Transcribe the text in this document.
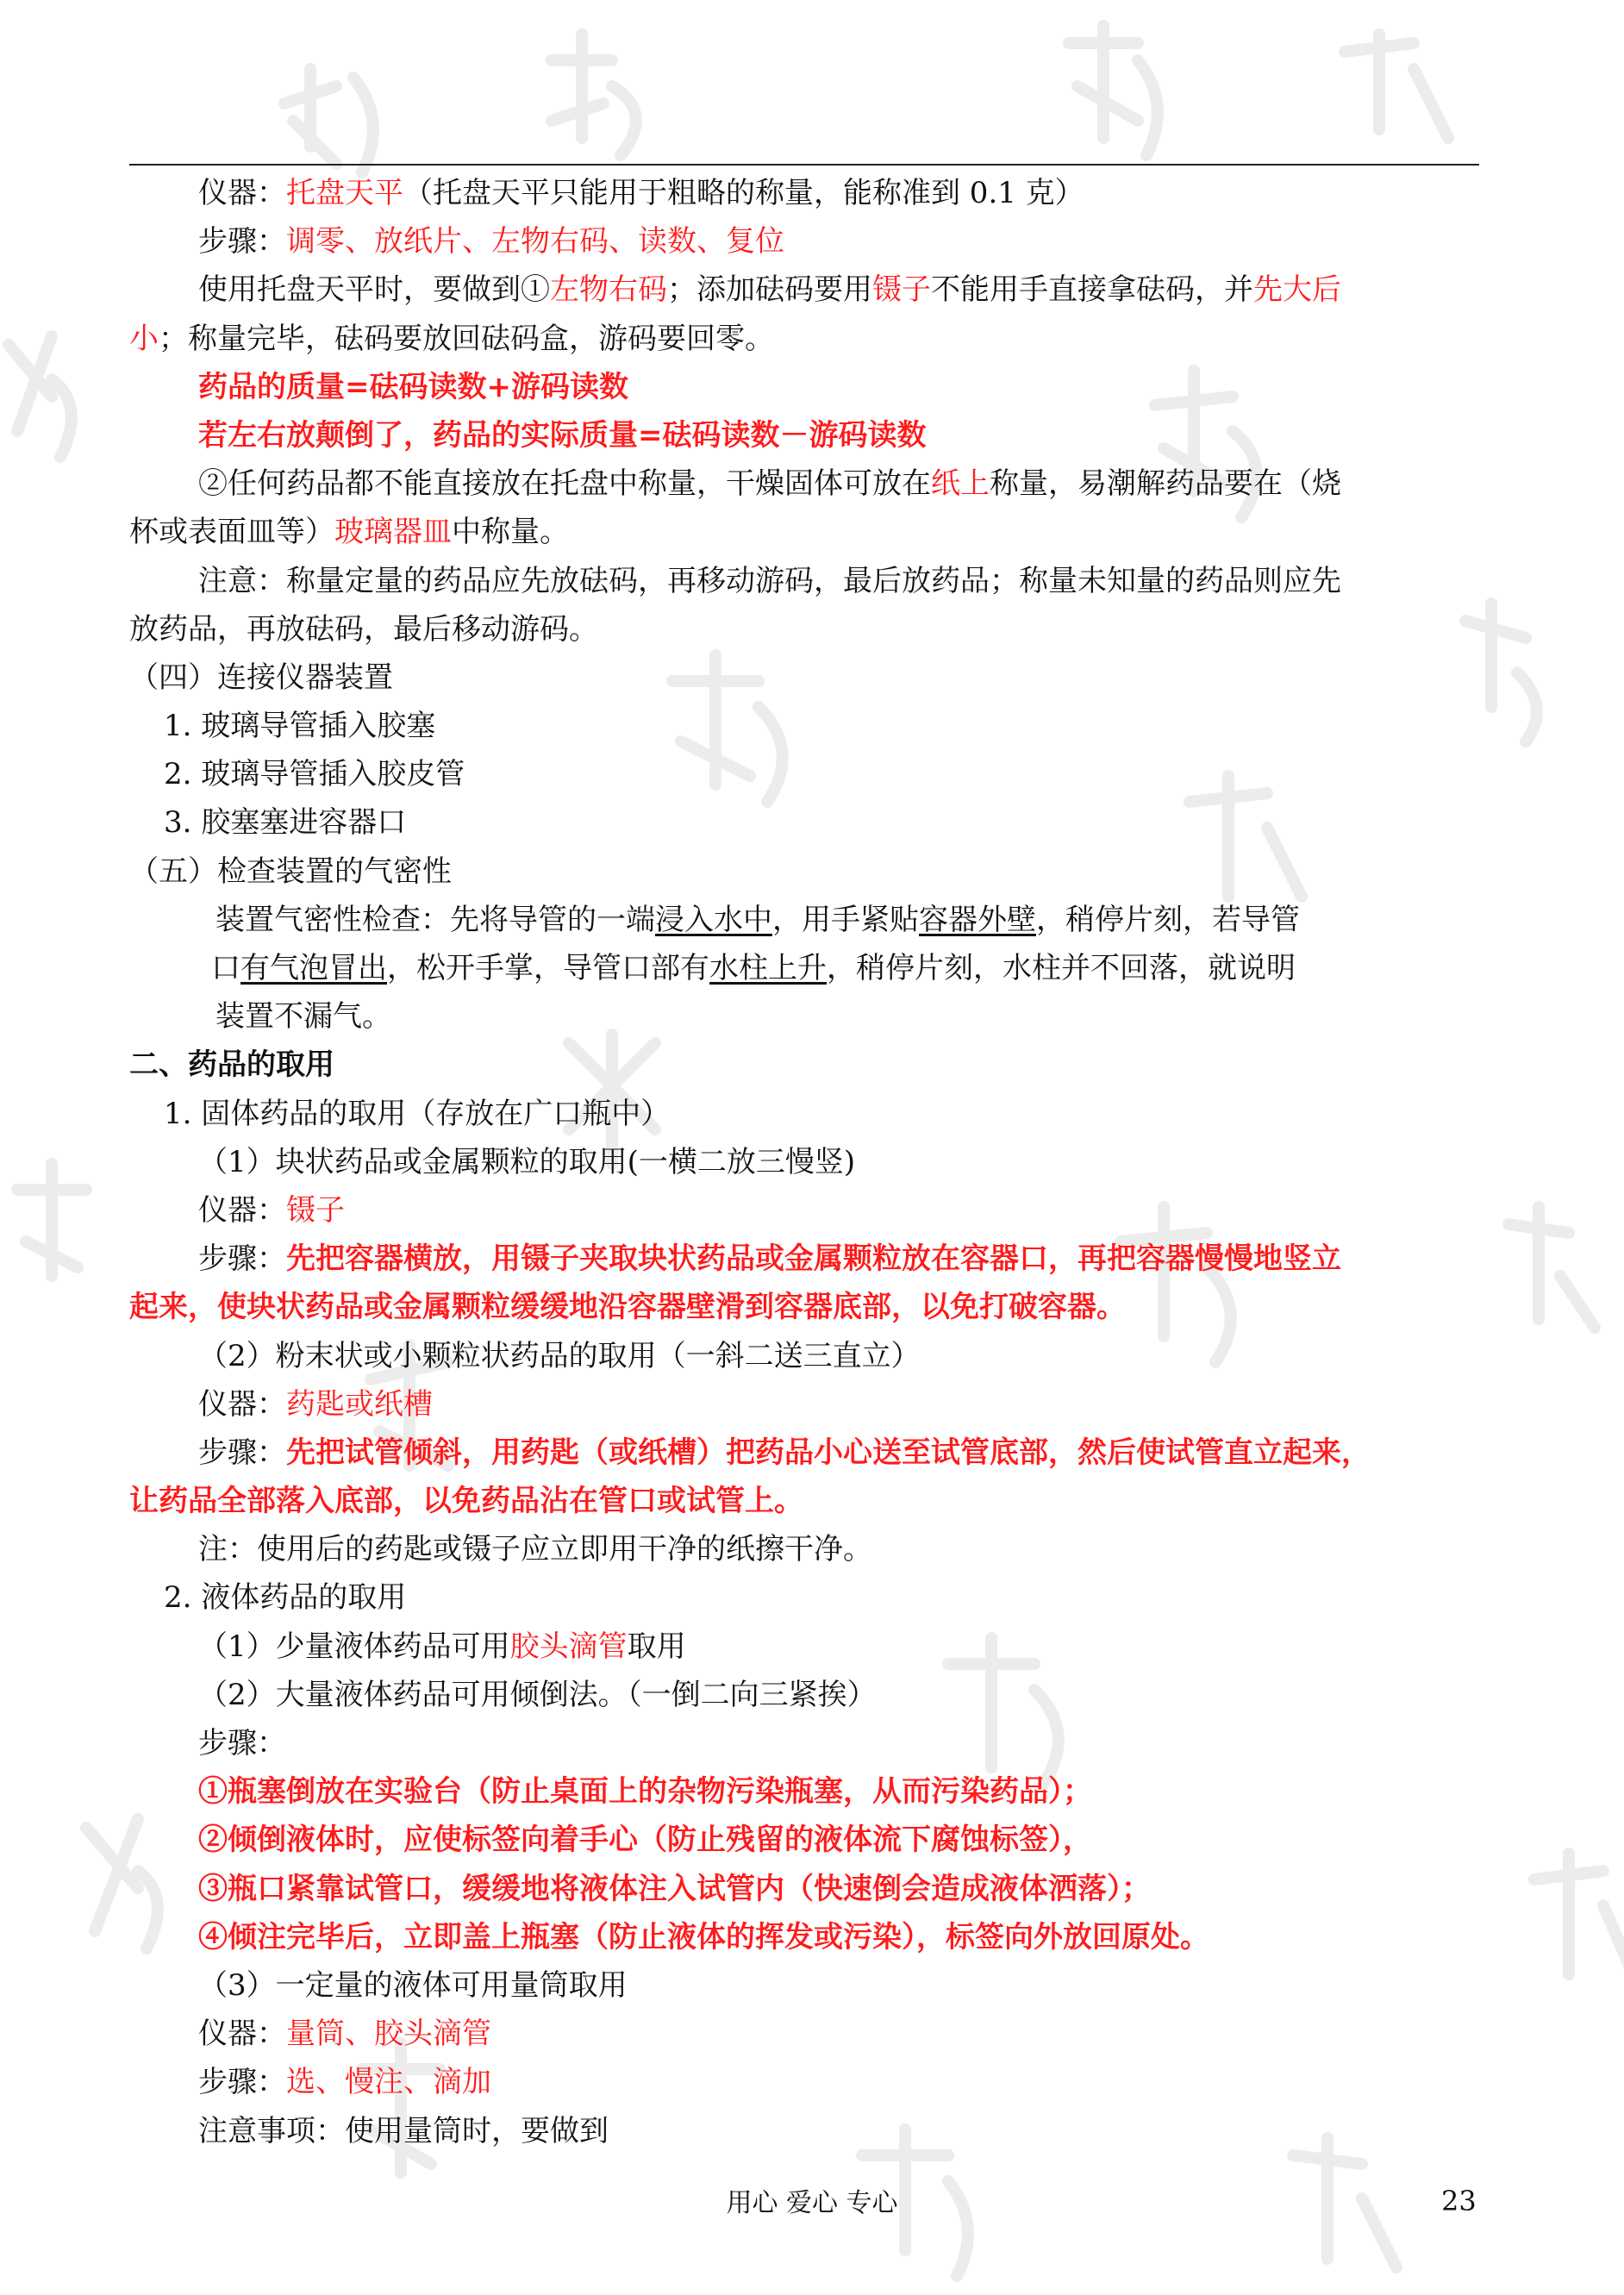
仪器：托盘天平（托盘天平只能用于粗略的称量，能称准到 0.1 克）
步骤：调零、放纸片、左物右码、读数、复位
使用托盘天平时，要做到①左物右码；添加砝码要用镊子不能用手直接拿砝码，并先大后
小；称量完毕，砝码要放回砝码盒，游码要回零。
药品的质量=砝码读数+游码读数
若左右放颠倒了，药品的实际质量=砝码读数－游码读数
②任何药品都不能直接放在托盘中称量，干燥固体可放在纸上称量，易潮解药品要在（烧
杯或表面皿等）玻璃器皿中称量。
注意：称量定量的药品应先放砝码，再移动游码，最后放药品；称量未知量的药品则应先
放药品，再放砝码，最后移动游码。
（四）连接仪器装置
1. 玻璃导管插入胶塞
2. 玻璃导管插入胶皮管
3. 胶塞塞进容器口
（五）检查装置的气密性
装置气密性检查：先将导管的一端浸入水中，用手紧贴容器外壁，稍停片刻，若导管
口有气泡冒出，松开手掌，导管口部有水柱上升，稍停片刻，水柱并不回落，就说明
装置不漏气。
二、药品的取用
1. 固体药品的取用（存放在广口瓶中）
（1）块状药品或金属颗粒的取用(一横二放三慢竖)
仪器：镊子
步骤：先把容器横放，用镊子夹取块状药品或金属颗粒放在容器口，再把容器慢慢地竖立
起来，使块状药品或金属颗粒缓缓地沿容器壁滑到容器底部，以免打破容器。
（2）粉末状或小颗粒状药品的取用（一斜二送三直立）
仪器：药匙或纸槽
步骤：先把试管倾斜，用药匙（或纸槽）把药品小心送至试管底部，然后使试管直立起来，
让药品全部落入底部，以免药品沾在管口或试管上。
注：使用后的药匙或镊子应立即用干净的纸擦干净。
2. 液体药品的取用
（1）少量液体药品可用胶头滴管取用
（2）大量液体药品可用倾倒法。（一倒二向三紧挨）
步骤：
①瓶塞倒放在实验台（防止桌面上的杂物污染瓶塞，从而污染药品）；
②倾倒液体时，应使标签向着手心（防止残留的液体流下腐蚀标签），
③瓶口紧靠试管口，缓缓地将液体注入试管内（快速倒会造成液体洒落）；
④倾注完毕后，立即盖上瓶塞（防止液体的挥发或污染），标签向外放回原处。
（3）一定量的液体可用量筒取用
仪器：量筒、胶头滴管
步骤：选、慢注、滴加
注意事项：使用量筒时，要做到
用心 爱心 专心	23
